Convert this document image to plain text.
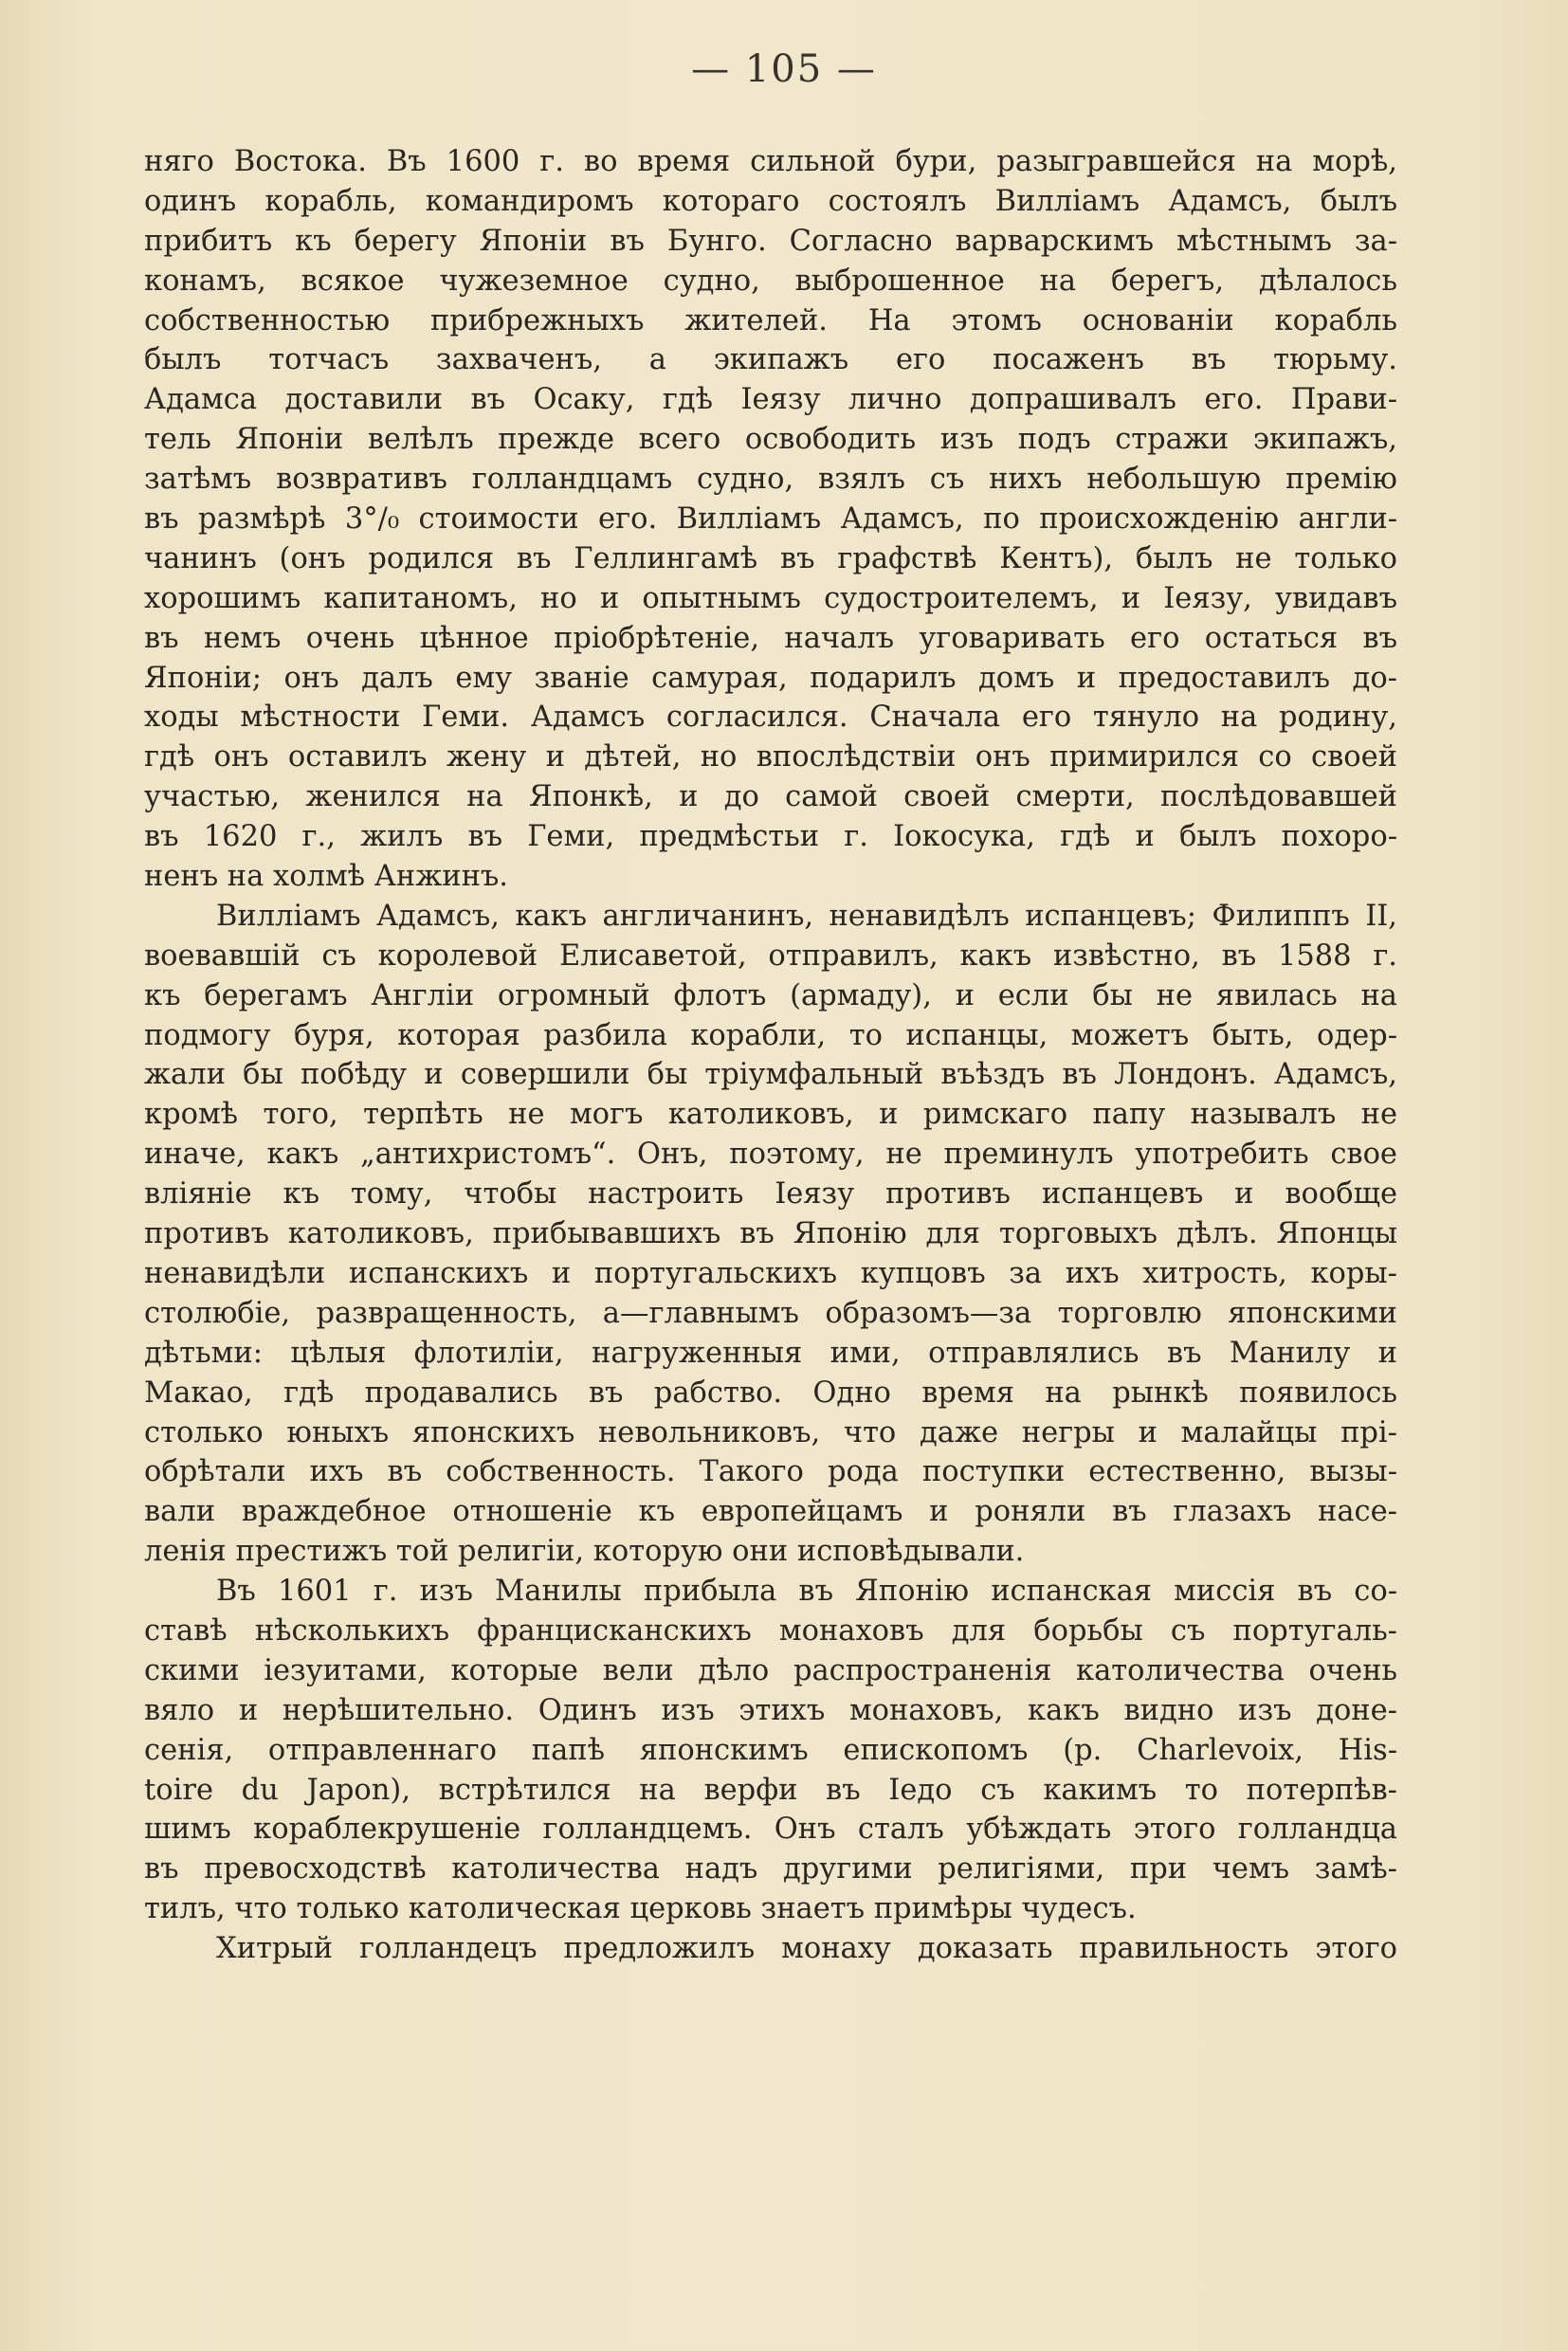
— 105 —
няго Востока. Въ 1600 г. во время сильной бури, разыгравшейся на морѣ,
одинъ корабль, командиромъ котораго состоялъ Вилліамъ Адамсъ, былъ
прибитъ къ берегу Японіи въ Бунго. Согласно варварскимъ мѣстнымъ за-
конамъ, всякое чужеземное судно, выброшенное на берегъ, дѣлалось
собственностью прибрежныхъ жителей. На этомъ основаніи корабль
былъ тотчасъ захваченъ, а экипажъ его посаженъ въ тюрьму.
Адамса доставили въ Осаку, гдѣ Іеязу лично допрашивалъ его. Прави-
тель Японіи велѣлъ прежде всего освободить изъ подъ стражи экипажъ,
затѣмъ возвративъ голландцамъ судно, взялъ съ нихъ небольшую премію
въ размѣрѣ 3°/₀ стоимости его. Вилліамъ Адамсъ, по происхожденію англи-
чанинъ (онъ родился въ Геллингамѣ въ графствѣ Кентъ), былъ не только
хорошимъ капитаномъ, но и опытнымъ судостроителемъ, и Іеязу, увидавъ
въ немъ очень цѣнное пріобрѣтеніе, началъ уговаривать его остаться въ
Японіи; онъ далъ ему званіе самурая, подарилъ домъ и предоставилъ до-
ходы мѣстности Геми. Адамсъ согласился. Сначала его тянуло на родину,
гдѣ онъ оставилъ жену и дѣтей, но впослѣдствіи онъ примирился со своей
участью, женился на Японкѣ, и до самой своей смерти, послѣдовавшей
въ 1620 г., жилъ въ Геми, предмѣстьи г. Іокосука, гдѣ и былъ похоро-
ненъ на холмѣ Анжинъ.
Вилліамъ Адамсъ, какъ англичанинъ, ненавидѣлъ испанцевъ; Филиппъ II,
воевавшій съ королевой Елисаветой, отправилъ, какъ извѣстно, въ 1588 г.
къ берегамъ Англіи огромный флотъ (армаду), и если бы не явилась на
подмогу буря, которая разбила корабли, то испанцы, можетъ быть, одер-
жали бы побѣду и совершили бы тріумфальный въѣздъ въ Лондонъ. Адамсъ,
кромѣ того, терпѣть не могъ католиковъ, и римскаго папу называлъ не
иначе, какъ „антихристомъ“. Онъ, поэтому, не преминулъ употребить свое
вліяніе къ тому, чтобы настроить Іеязу противъ испанцевъ и вообще
противъ католиковъ, прибывавшихъ въ Японію для торговыхъ дѣлъ. Японцы
ненавидѣли испанскихъ и португальскихъ купцовъ за ихъ хитрость, коры-
столюбіе, развращенность, а—главнымъ образомъ—за торговлю японскими
дѣтьми: цѣлыя флотиліи, нагруженныя ими, отправлялись въ Манилу и
Макао, гдѣ продавались въ рабство. Одно время на рынкѣ появилось
столько юныхъ японскихъ невольниковъ, что даже негры и малайцы прі-
обрѣтали ихъ въ собственность. Такого рода поступки естественно, вызы-
вали враждебное отношеніе къ европейцамъ и роняли въ глазахъ насе-
ленія престижъ той религіи, которую они исповѣдывали.
Въ 1601 г. изъ Манилы прибыла въ Японію испанская миссія въ со-
ставѣ нѣсколькихъ францисканскихъ монаховъ для борьбы съ португаль-
скими іезуитами, которые вели дѣло распространенія католичества очень
вяло и нерѣшительно. Одинъ изъ этихъ монаховъ, какъ видно изъ доне-
сенія, отправленнаго папѣ японскимъ епископомъ (p. Charlevoix, His-
toire du Japon), встрѣтился на верфи въ Іедо съ какимъ то потерпѣв-
шимъ кораблекрушеніе голландцемъ. Онъ сталъ убѣждать этого голландца
въ превосходствѣ католичества надъ другими религіями, при чемъ замѣ-
тилъ, что только католическая церковь знаетъ примѣры чудесъ.
Хитрый голландецъ предложилъ монаху доказать правильность этого
